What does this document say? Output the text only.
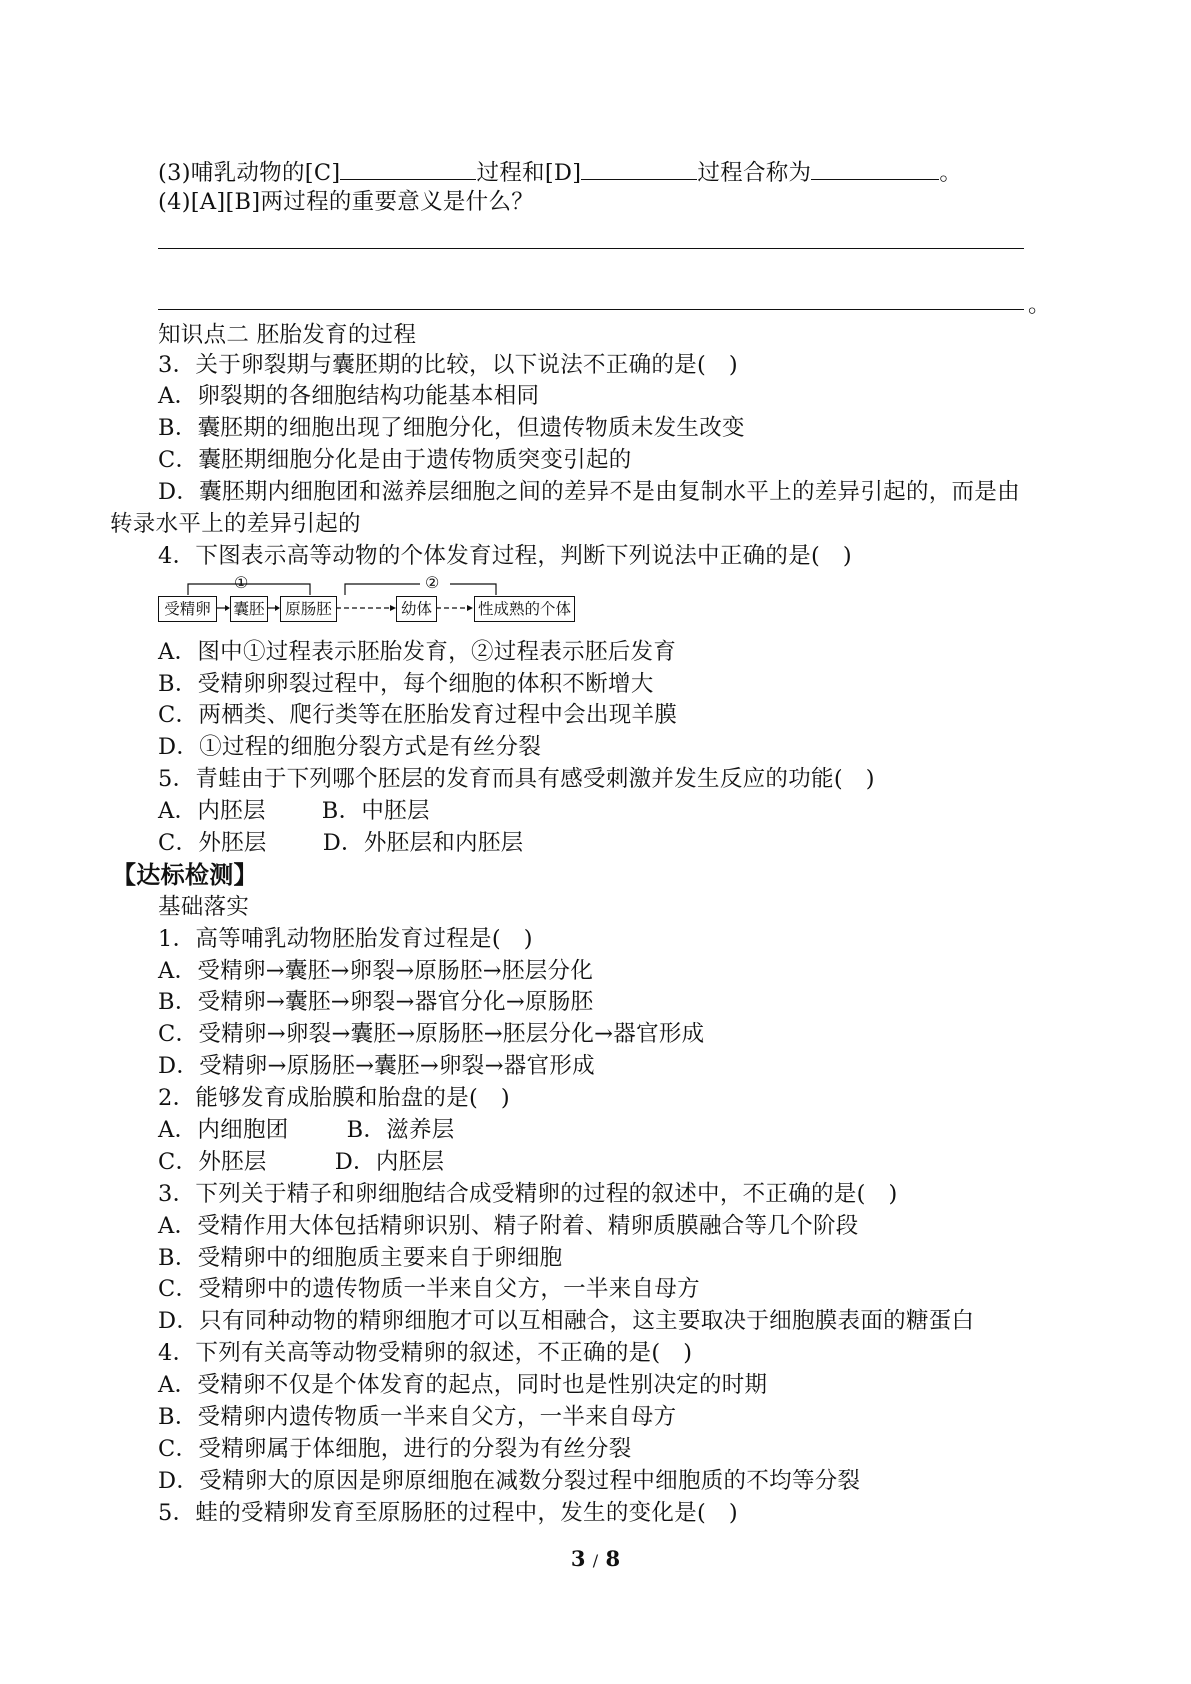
(3)哺乳动物的[C]	过程和[D]	过程合称为	。
(4)[A][B]两过程的重要意义是什么？
。
知识点二 胚胎发育的过程
3．关于卵裂期与囊胚期的比较，以下说法不正确的是(　)
A．卵裂期的各细胞结构功能基本相同
B．囊胚期的细胞出现了细胞分化，但遗传物质未发生改变
C．囊胚期细胞分化是由于遗传物质突变引起的
D．囊胚期内细胞团和滋养层细胞之间的差异不是由复制水平上的差异引起的，而是由
转录水平上的差异引起的
4．下图表示高等动物的个体发育过程，判断下列说法中正确的是(　)
①	②
受精卵	囊胚	原肠胚	幼体	性成熟的个体
A．图中①过程表示胚胎发育，②过程表示胚后发育
B．受精卵卵裂过程中，每个细胞的体积不断增大
C．两栖类、爬行类等在胚胎发育过程中会出现羊膜
D．①过程的细胞分裂方式是有丝分裂
5．青蛙由于下列哪个胚层的发育而具有感受刺激并发生反应的功能(　)
A．内胚层 B．中胚层
C．外胚层 D．外胚层和内胚层
【达标检测】
基础落实
1．高等哺乳动物胚胎发育过程是(　)
A．受精卵→囊胚→卵裂→原肠胚→胚层分化
B．受精卵→囊胚→卵裂→器官分化→原肠胚
C．受精卵→卵裂→囊胚→原肠胚→胚层分化→器官形成
D．受精卵→原肠胚→囊胚→卵裂→器官形成
2．能够发育成胎膜和胎盘的是(　)
A．内细胞团	B．滋养层
C．外胚层	D．内胚层
3．下列关于精子和卵细胞结合成受精卵的过程的叙述中，不正确的是(　)
A．受精作用大体包括精卵识别、精子附着、精卵质膜融合等几个阶段
B．受精卵中的细胞质主要来自于卵细胞
C．受精卵中的遗传物质一半来自父方，一半来自母方
D．只有同种动物的精卵细胞才可以互相融合，这主要取决于细胞膜表面的糖蛋白
4．下列有关高等动物受精卵的叙述，不正确的是(　)
A．受精卵不仅是个体发育的起点，同时也是性别决定的时期
B．受精卵内遗传物质一半来自父方，一半来自母方
C．受精卵属于体细胞，进行的分裂为有丝分裂
D．受精卵大的原因是卵原细胞在减数分裂过程中细胞质的不均等分裂
5．蛙的受精卵发育至原肠胚的过程中，发生的变化是(　)
3 / 8
